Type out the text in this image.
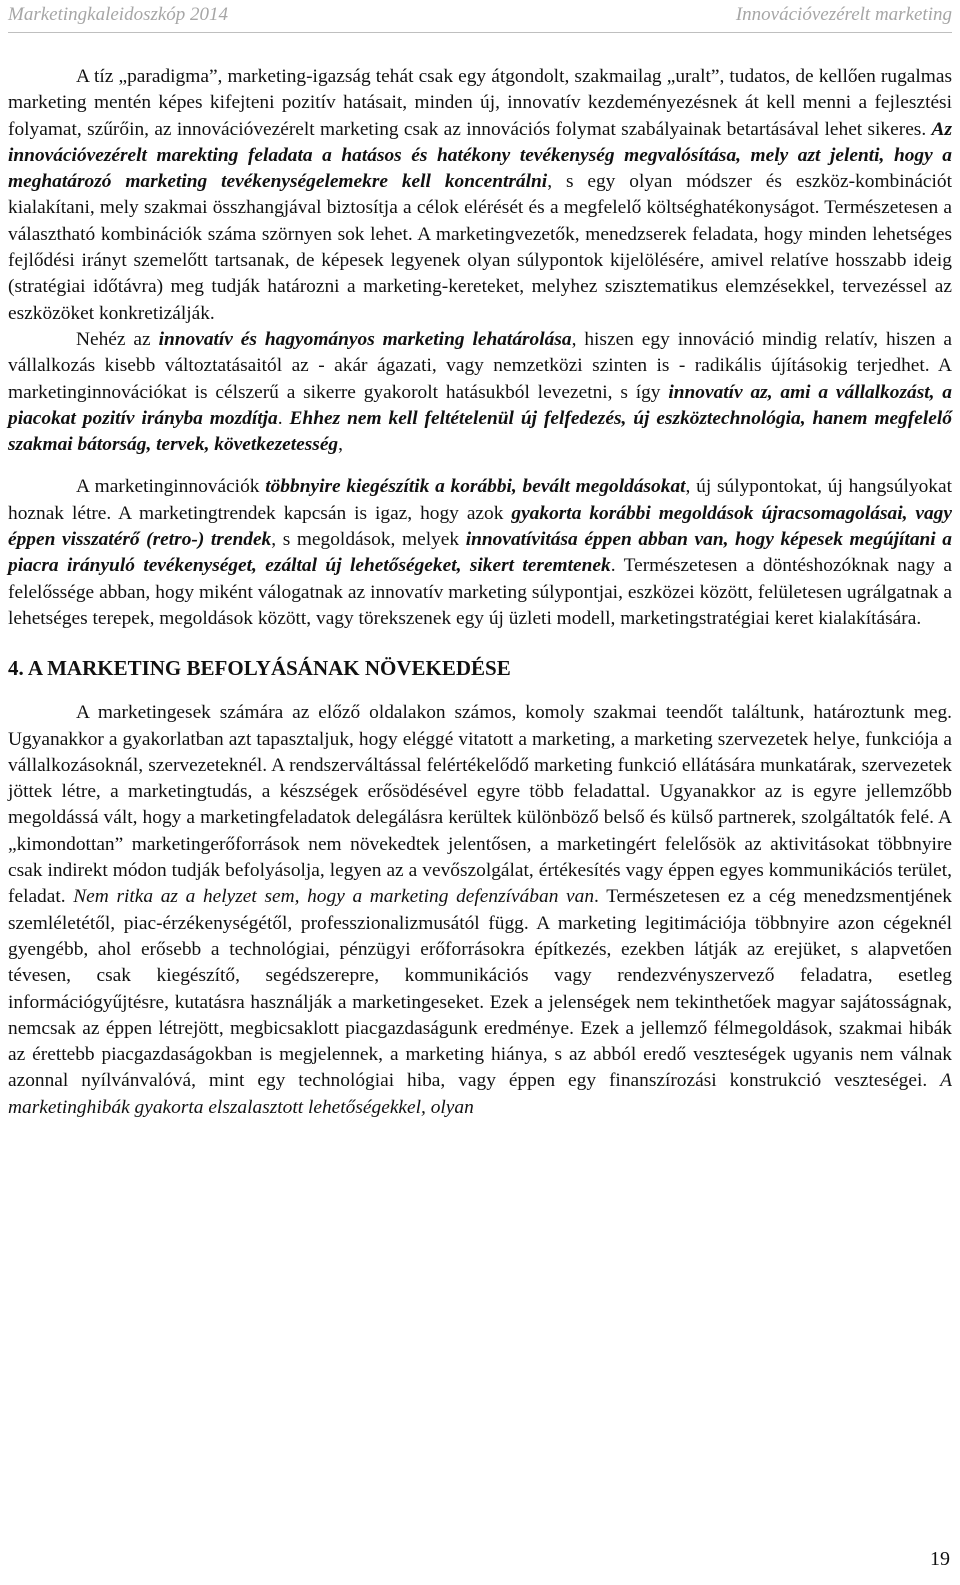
Marketingkaleidoszkóp 2014	Innovációvezérelt marketing

A tíz „paradigma”, marketing-igazság tehát csak egy átgondolt, szakmailag „uralt”, tudatos, de kellően rugalmas marketing mentén képes kifejteni pozitív hatásait, minden új, innovatív kezdeményezésnek át kell menni a fejlesztési folyamat, szűrőin, az innovációvezérelt marketing csak az innovációs folymat szabályainak betartásával lehet sikeres. Az innovációvezérelt marekting feladata a hatásos és hatékony tevékenység megvalósítása, mely azt jelenti, hogy a meghatározó marketing tevékenységelemekre kell koncentrálni, s egy olyan módszer és eszköz-kombinációt kialakítani, mely szakmai összhangjával biztosítja a célok elérését és a megfelelő költséghatékonyságot. Természetesen a választható kombinációk száma szörnyen sok lehet. A marketingvezetők, menedzserek feladata, hogy minden lehetséges fejlődési irányt szemelőtt tartsanak, de képesek legyenek olyan súlypontok kijelölésére, amivel relatíve hosszabb ideig (stratégiai időtávra) meg tudják határozni a marketing-kereteket, melyhez szisztematikus elemzésekkel, tervezéssel az eszközöket konkretizálják.

Nehéz az innovatív és hagyományos marketing lehatárolása, hiszen egy innováció mindig relatív, hiszen a vállalkozás kisebb változtatásaitól az - akár ágazati, vagy nemzetközi szinten is - radikális újításokig terjedhet. A marketinginnovációkat is célszerű a sikerre gyakorolt hatásukból levezetni, s így innovatív az, ami a vállalkozást, a piacokat pozitív irányba mozdítja. Ehhez nem kell feltételenül új felfedezés, új eszköztechnológia, hanem megfelelő szakmai bátorság, tervek, következetesség,

A marketinginnovációk többnyire kiegészítik a korábbi, bevált megoldásokat, új súlypontokat, új hangsúlyokat hoznak létre. A marketingtrendek kapcsán is igaz, hogy azok gyakorta korábbi megoldások újracsomagolásai, vagy éppen visszatérő (retro-) trendek, s megoldások, melyek innovatívitása éppen abban van, hogy képesek megújítani a piacra irányuló tevékenységet, ezáltal új lehetőségeket, sikert teremtenek. Természetesen a döntéshozóknak nagy a felelőssége abban, hogy miként válogatnak az innovatív marketing súlypontjai, eszközei között, felületesen ugrálgatnak a lehetséges terepek, megoldások között, vagy törekszenek egy új üzleti modell, marketingstratégiai keret kialakítására.

4. A MARKETING BEFOLYÁSÁNAK NÖVEKEDÉSE

A marketingesek számára az előző oldalakon számos, komoly szakmai teendőt találtunk, határoztunk meg. Ugyanakkor a gyakorlatban azt tapasztaljuk, hogy eléggé vitatott a marketing, a marketing szervezetek helye, funkciója a vállalkozásoknál, szervezeteknél. A rendszerváltással felértékelődő marketing funkció ellátására munkatárak, szervezetek jöttek létre, a marketingtudás, a készségek erősödésével egyre több feladattal. Ugyanakkor az is egyre jellemzőbb megoldássá vált, hogy a marketingfeladatok delegálásra kerültek különböző belső és külső partnerek, szolgáltatók felé. A „kimondottan” marketingerőforrások nem növekedtek jelentősen, a marketingért felelősök az aktivitásokat többnyire csak indirekt módon tudják befolyásolja, legyen az a vevőszolgálat, értékesítés vagy éppen egyes kommunikációs terület, feladat. Nem ritka az a helyzet sem, hogy a marketing defenzívában van. Természetesen ez a cég menedzsmentjének szemléletétől, piac-érzékenységétől, professzionalizmusától függ. A marketing legitimációja többnyire azon cégeknél gyengébb, ahol erősebb a technológiai, pénzügyi erőforrásokra építkezés, ezekben látják az erejüket, s alapvetően tévesen, csak kiegészítő, segédszerepre, kommunikációs vagy rendezvényszervező feladatra, esetleg információgyűjtésre, kutatásra használják a marketingeseket. Ezek a jelenségek nem tekinthetőek magyar sajátosságnak, nemcsak az éppen létrejött, megbicsaklott piacgazdaságunk eredménye. Ezek a jellemző félmegoldások, szakmai hibák az érettebb piacgazdaságokban is megjelennek, a marketing hiánya, s az abból eredő veszteségek ugyanis nem válnak azonnal nyílvánvalóvá, mint egy technológiai hiba, vagy éppen egy finanszírozási konstrukció veszteségei. A marketinghibák gyakorta elszalasztott lehetőségekkel, olyan

19
